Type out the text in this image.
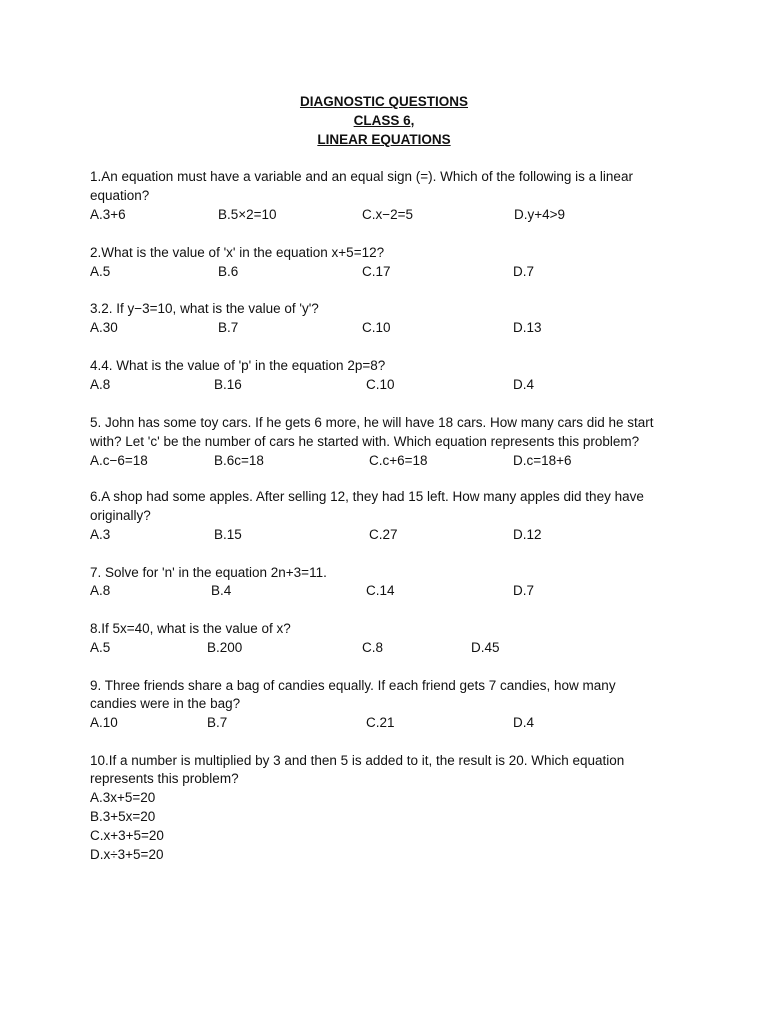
DIAGNOSTIC QUESTIONS
CLASS 6,
LINEAR EQUATIONS
1.An equation must have a variable and an equal sign (=). Which of the following is a linear
equation?
A.3+6	B.5×2=10	C.x−2=5	D.y+4>9
2.What is the value of 'x' in the equation x+5=12?
A.5	B.6	C.17	D.7
3.2. If y−3=10, what is the value of 'y'?
A.30	B.7	C.10	D.13
4.4. What is the value of 'p' in the equation 2p=8?
A.8	B.16	C.10	D.4
5. John has some toy cars. If he gets 6 more, he will have 18 cars. How many cars did he start
with? Let 'c' be the number of cars he started with. Which equation represents this problem?
A.c−6=18	B.6c=18	C.c+6=18	D.c=18+6
6.A shop had some apples. After selling 12, they had 15 left. How many apples did they have
originally?
A.3	B.15	C.27	D.12
7. Solve for 'n' in the equation 2n+3=11.
A.8	B.4	C.14	D.7
8.If 5x=40, what is the value of x?
A.5	B.200	C.8	D.45
9. Three friends share a bag of candies equally. If each friend gets 7 candies, how many
candies were in the bag?
A.10	B.7	C.21	D.4
10.If a number is multiplied by 3 and then 5 is added to it, the result is 20. Which equation
represents this problem?
A.3x+5=20
B.3+5x=20
C.x+3+5=20
D.x÷3+5=20
